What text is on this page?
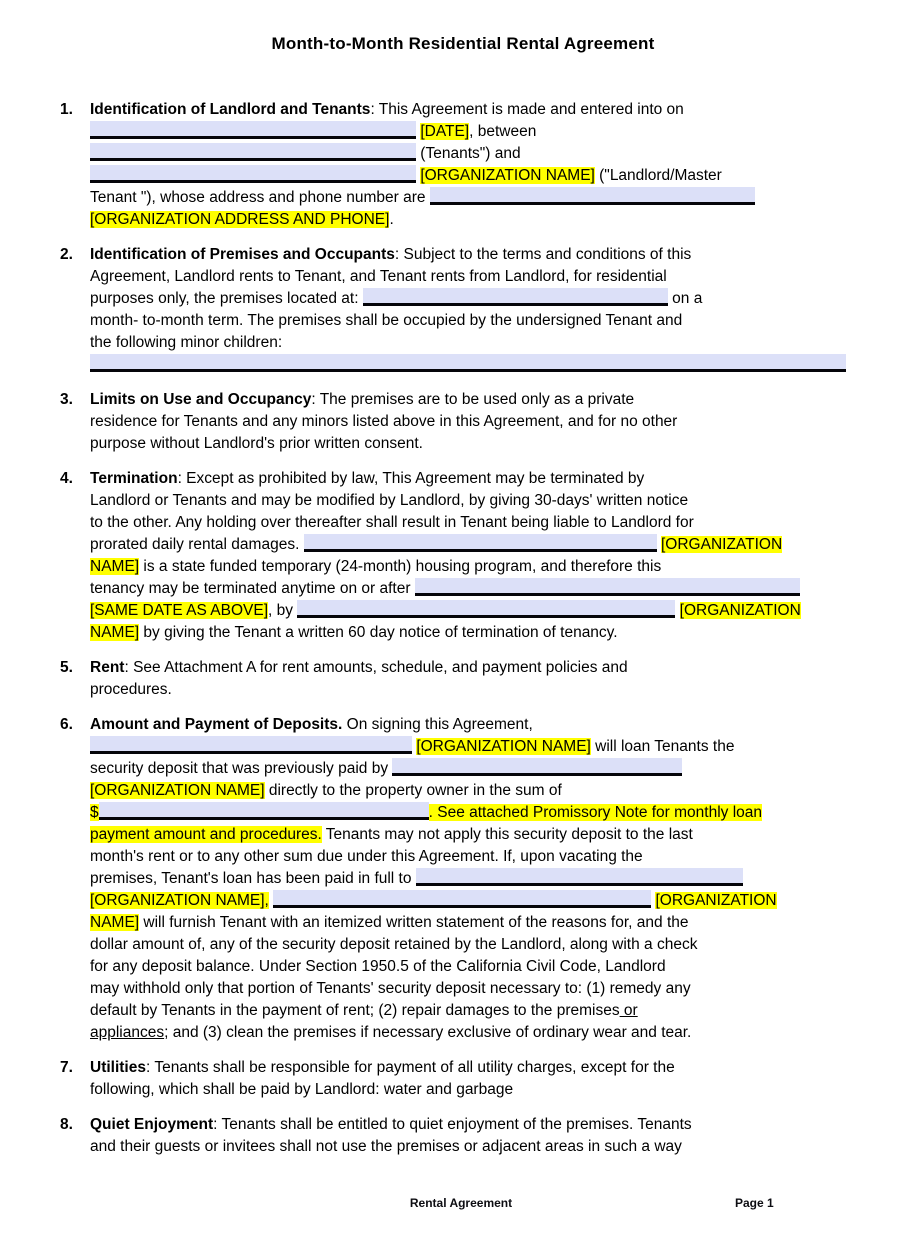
Month-to-Month Residential Rental Agreement
1.	Identification of Landlord and Tenants: This Agreement is made and entered into on
[DATE], between
(Tenants") and
[ORGANIZATION NAME] ("Landlord/Master
Tenant "), whose address and phone number are
[ORGANIZATION ADDRESS AND PHONE].
2.	Identification of Premises and Occupants: Subject to the terms and conditions of this
Agreement, Landlord rents to Tenant, and Tenant rents from Landlord, for residential
purposes only, the premises located at:	on a
month- to-month term. The premises shall be occupied by the undersigned Tenant and
the following minor children:

3.	Limits on Use and Occupancy: The premises are to be used only as a private
residence for Tenants and any minors listed above in this Agreement, and for no other
purpose without Landlord's prior written consent.
4.	Termination: Except as prohibited by law, This Agreement may be terminated by
Landlord or Tenants and may be modified by Landlord, by giving 30-days' written notice
to the other. Any holding over thereafter shall result in Tenant being liable to Landlord for
prorated daily rental damages.	[ORGANIZATION
NAME] is a state funded temporary (24-month) housing program, and therefore this
tenancy may be terminated anytime on or after
[SAME DATE AS ABOVE], by	[ORGANIZATION
NAME] by giving the Tenant a written 60 day notice of termination of tenancy.
5.	Rent: See Attachment A for rent amounts, schedule, and payment policies and
procedures.
6.	Amount and Payment of Deposits. On signing this Agreement,
[ORGANIZATION NAME] will loan Tenants the
security deposit that was previously paid by
[ORGANIZATION NAME] directly to the property owner in the sum of
$	. See attached Promissory Note for monthly loan
payment amount and procedures. Tenants may not apply this security deposit to the last
month's rent or to any other sum due under this Agreement. If, upon vacating the
premises, Tenant's loan has been paid in full to
[ORGANIZATION NAME],	[ORGANIZATION
NAME] will furnish Tenant with an itemized written statement of the reasons for, and the
dollar amount of, any of the security deposit retained by the Landlord, along with a check
for any deposit balance. Under Section 1950.5 of the California Civil Code, Landlord
may withhold only that portion of Tenants' security deposit necessary to: (1) remedy any
default by Tenants in the payment of rent; (2) repair damages to the premises or
appliances; and (3) clean the premises if necessary exclusive of ordinary wear and tear.
7.	Utilities: Tenants shall be responsible for payment of all utility charges, except for the
following, which shall be paid by Landlord: water and garbage
8.	Quiet Enjoyment: Tenants shall be entitled to quiet enjoyment of the premises. Tenants
and their guests or invitees shall not use the premises or adjacent areas in such a way
Rental Agreement	Page 1
